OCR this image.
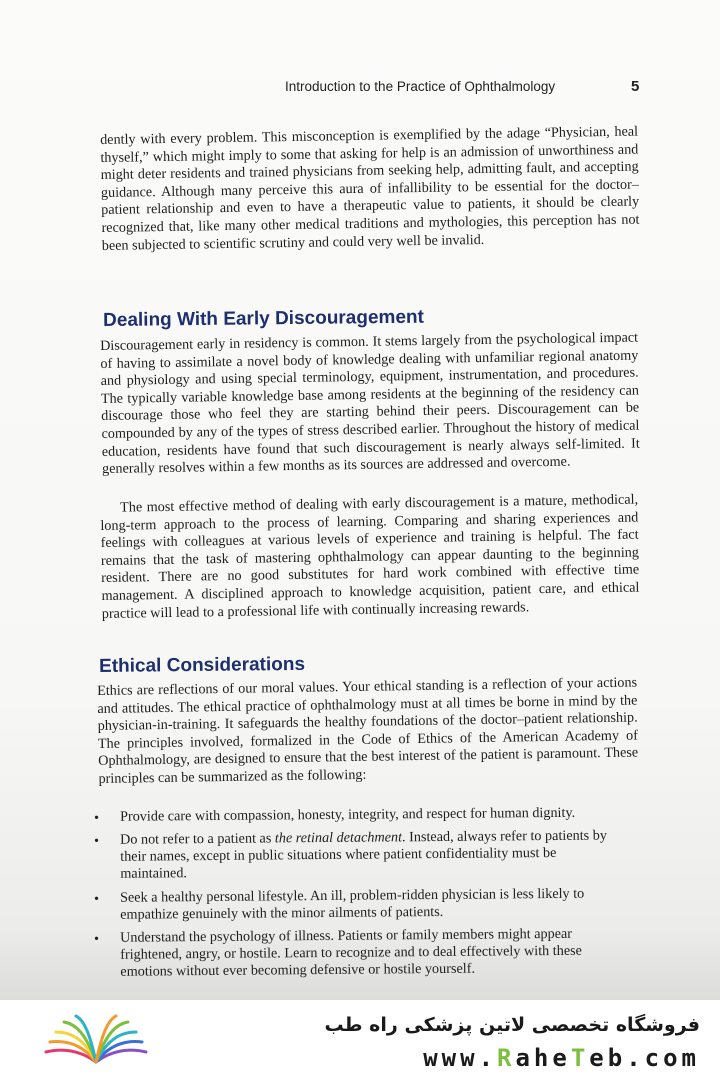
Introduction to the Practice of Ophthalmology	5

dently with every problem. This misconception is exemplified by the adage “Physician, heal thyself,” which might imply to some that asking for help is an admission of unworthiness and might deter residents and trained physicians from seeking help, admitting fault, and accepting guidance. Although many perceive this aura of infallibility to be essential for the doctor–patient relationship and even to have a therapeutic value to patients, it should be clearly recognized that, like many other medical traditions and mythologies, this perception has not been subjected to scientific scrutiny and could very well be invalid.

Dealing With Early Discouragement

Discouragement early in residency is common. It stems largely from the psychological impact of having to assimilate a novel body of knowledge dealing with unfamiliar regional anatomy and physiology and using special terminology, equipment, instrumentation, and procedures. The typically variable knowledge base among residents at the beginning of the residency can discourage those who feel they are starting behind their peers. Discouragement can be compounded by any of the types of stress described earlier. Throughout the history of medical education, residents have found that such discouragement is nearly always self-limited. It generally resolves within a few months as its sources are addressed and overcome.

The most effective method of dealing with early discouragement is a mature, methodical, long-term approach to the process of learning. Comparing and sharing experiences and feelings with colleagues at various levels of experience and training is helpful. The fact remains that the task of mastering ophthalmology can appear daunting to the beginning resident. There are no good substitutes for hard work combined with effective time management. A disciplined approach to knowledge acquisition, patient care, and ethical practice will lead to a professional life with continually increasing rewards.

Ethical Considerations

Ethics are reflections of our moral values. Your ethical standing is a reflection of your actions and attitudes. The ethical practice of ophthalmology must at all times be borne in mind by the physician-in-training. It safeguards the healthy foundations of the doctor–patient relationship. The principles involved, formalized in the Code of Ethics of the American Academy of Ophthalmology, are designed to ensure that the best interest of the patient is paramount. These principles can be summarized as the following:

• Provide care with compassion, honesty, integrity, and respect for human dignity.
• Do not refer to a patient as the retinal detachment. Instead, always refer to patients by their names, except in public situations where patient confidentiality must be maintained.
• Seek a healthy personal lifestyle. An ill, problem-ridden physician is less likely to empathize genuinely with the minor ailments of patients.
• Understand the psychology of illness. Patients or family members might appear frightened, angry, or hostile. Learn to recognize and to deal effectively with these emotions without ever becoming defensive or hostile yourself.
فروشگاه تخصصی لاتین پزشکی راه طب
www.RaheTeb.com
